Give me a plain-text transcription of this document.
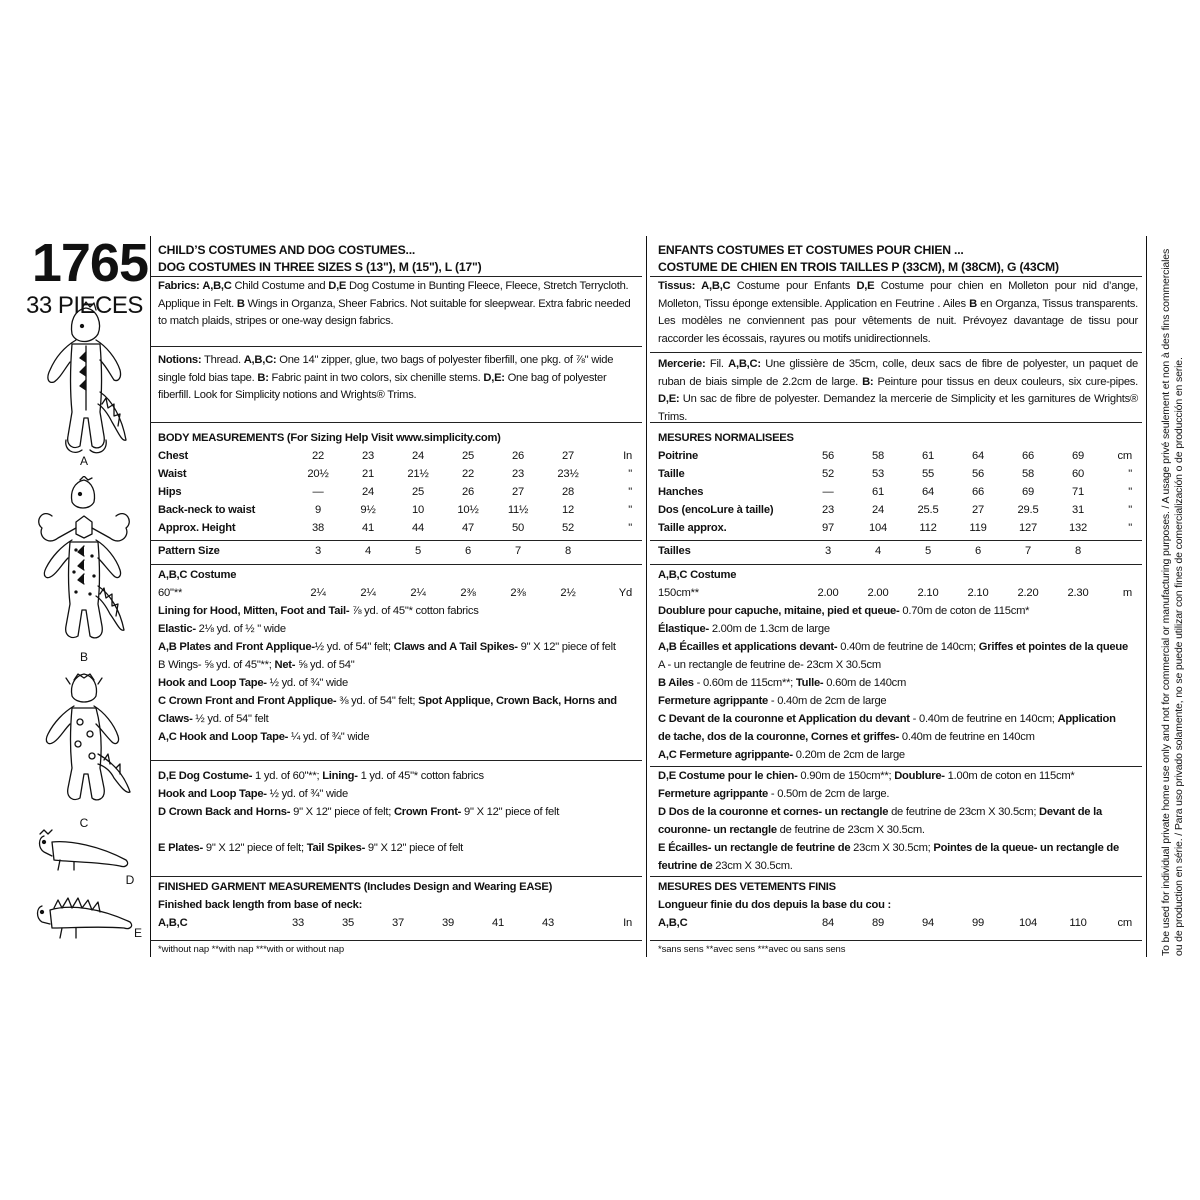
1765
33 PIECES
A
B
C
D
E
CHILD’S COSTUMES AND DOG COSTUMES...
DOG COSTUMES IN THREE SIZES S (13"), M (15"), L (17")
Fabrics: A,B,C Child Costume and D,E Dog Costume in Bunting Fleece, Fleece, Stretch Terrycloth. Applique in Felt. B Wings in Organza, Sheer Fabrics. Not suitable for sleepwear. Extra fabric needed to match plaids, stripes or one-way design fabrics.
Notions: Thread. A,B,C: One 14" zipper, glue, two bags of polyester fiberfill, one pkg. of ⅞" wide single fold bias tape. B: Fabric paint in two colors, six chenille stems. D,E: One bag of polyester fiberfill. Look for Simplicity notions and Wrights® Trims.
BODY MEASUREMENTS (For Sizing Help Visit www.simplicity.com)
Chest	22	23	24	25	26	27	In
Waist	20½	21	21½	22	23	23½	"
Hips	—	24	25	26	27	28	"
Back-neck to waist	9	9½	10	10½	11½	12	"
Approx. Height	38	41	44	47	50	52	"
Pattern Size	3	4	5	6	7	8
A,B,C Costume
60"**	2¼	2¼	2¼	2⅜	2⅜	2½	Yd
Lining for Hood, Mitten, Foot and Tail- ⅞ yd. of 45"* cotton fabrics
Elastic- 2⅛ yd. of ½ " wide
A,B Plates and Front Applique-½ yd. of 54" felt; Claws and A Tail Spikes- 9" X 12" piece of felt
B Wings- ⅝ yd. of 45"**; Net- ⅝ yd. of 54"
Hook and Loop Tape- ½ yd. of ¾" wide
C Crown Front and Front Applique- ⅜ yd. of 54" felt; Spot Applique, Crown Back, Horns and
Claws- ½ yd. of 54" felt
A,C Hook and Loop Tape- ¼ yd. of ¾" wide
D,E Dog Costume- 1 yd. of 60"**; Lining- 1 yd. of 45"* cotton fabrics
Hook and Loop Tape- ½ yd. of ¾" wide
D Crown Back and Horns- 9" X 12" piece of felt; Crown Front- 9" X 12" piece of felt
E Plates- 9" X 12" piece of felt; Tail Spikes- 9" X 12" piece of felt
FINISHED GARMENT MEASUREMENTS (Includes Design and Wearing EASE)
Finished back length from base of neck:
A,B,C	33	35	37	39	41	43	In
*without nap **with nap ***with or without nap
ENFANTS COSTUMES ET COSTUMES POUR CHIEN ...
COSTUME DE CHIEN EN TROIS TAILLES P (33CM), M (38CM), G (43CM)
Tissus: A,B,C Costume pour Enfants D,E Costume pour chien en Molleton pour nid d’ange, Molleton, Tissu éponge extensible. Application en Feutrine . Ailes B en Organza, Tissus transparents. Les modèles ne conviennent pas pour vêtements de nuit. Prévoyez davantage de tissu pour raccorder les écossais, rayures ou motifs unidirectionnels.
Mercerie: Fil. A,B,C: Une glissière de 35cm, colle, deux sacs de fibre de polyester, un paquet de ruban de biais simple de 2.2cm de large. B: Peinture pour tissus en deux couleurs, six cure-pipes. D,E: Un sac de fibre de polyester. Demandez la mercerie de Simplicity et les garnitures de Wrights® Trims.
MESURES NORMALISEES
Poitrine	56	58	61	64	66	69	cm
Taille	52	53	55	56	58	60	"
Hanches	—	61	64	66	69	71	"
Dos (encoLure à taille)	23	24	25.5	27	29.5	31	"
Taille approx.	97	104	112	119	127	132	"
Tailles	3	4	5	6	7	8
A,B,C Costume
150cm**	2.00	2.00	2.10	2.10	2.20	2.30	m
Doublure pour capuche, mitaine, pied et queue- 0.70m de coton de 115cm*
Élastique- 2.00m de 1.3cm de large
A,B Écailles et applications devant- 0.40m de feutrine de 140cm; Griffes et pointes de la queue
A - un rectangle de feutrine de- 23cm X 30.5cm
B Ailes - 0.60m de 115cm**; Tulle- 0.60m de 140cm
Fermeture agrippante - 0.40m de 2cm de large
C Devant de la couronne et Application du devant - 0.40m de feutrine en 140cm; Application
de tache, dos de la couronne, Cornes et griffes- 0.40m de feutrine en 140cm
A,C Fermeture agrippante- 0.20m de 2cm de large
D,E Costume pour le chien- 0.90m de 150cm**; Doublure- 1.00m de coton en 115cm*
Fermeture agrippante - 0.50m de 2cm de large.
D Dos de la couronne et cornes- un rectangle de feutrine de 23cm X 30.5cm; Devant de la
couronne- un rectangle de feutrine de 23cm X 30.5cm.
E Écailles- un rectangle de feutrine de 23cm X 30.5cm; Pointes de la queue- un rectangle de
feutrine de 23cm X 30.5cm.
MESURES DES VETEMENTS FINIS
Longueur finie du dos depuis la base du cou :
A,B,C	84	89	94	99	104	110	cm
*sans sens **avec sens ***avec ou sans sens	To be used for individual private home use only and not for commercial or manufacturing purposes. / A usage privé seulement et non à des fins commerciales ou de production en série. / Para uso privado solamente, no se puede utilizar con fines de comercialización o de producción en serie.
